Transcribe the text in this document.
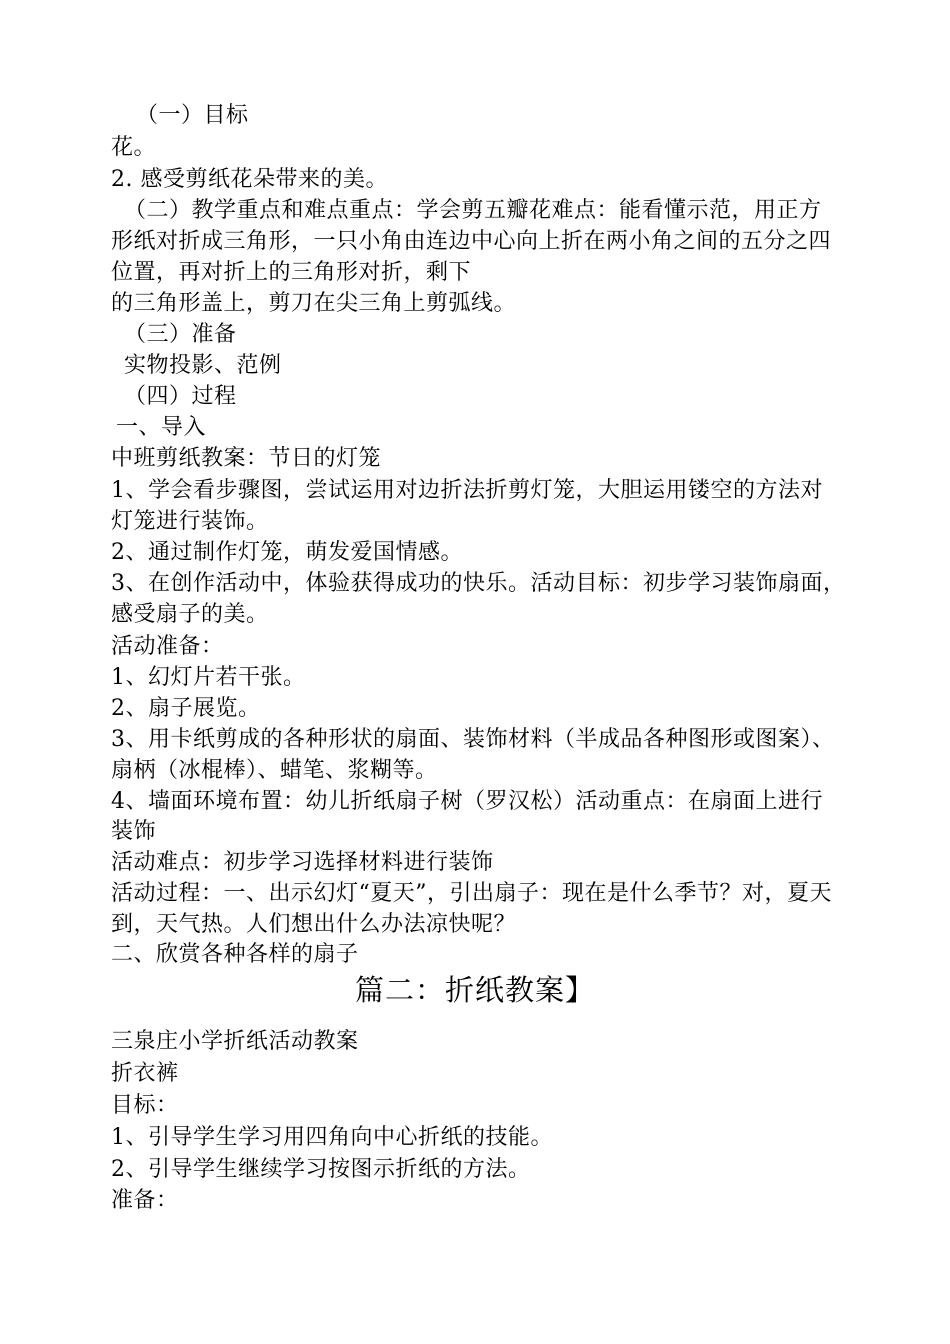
（一）目标
花。
2. 感受剪纸花朵带来的美。
（二）教学重点和难点重点：学会剪五瓣花难点：能看懂示范，用正方
形纸对折成三角形，一只小角由连边中心向上折在两小角之间的五分之四
位置，再对折上的三角形对折，剩下
的三角形盖上，剪刀在尖三角上剪弧线。
（三）准备
实物投影、范例
（四）过程
一、导入
中班剪纸教案：节日的灯笼
1、学会看步骤图，尝试运用对边折法折剪灯笼，大胆运用镂空的方法对
灯笼进行装饰。
2、通过制作灯笼，萌发爱国情感。
3、在创作活动中，体验获得成功的快乐。活动目标：初步学习装饰扇面，
感受扇子的美。
活动准备：
1、幻灯片若干张。
2、扇子展览。
3、用卡纸剪成的各种形状的扇面、装饰材料（半成品各种图形或图案）、
扇柄（冰棍棒）、蜡笔、浆糊等。
4、墙面环境布置：幼儿折纸扇子树（罗汉松）活动重点：在扇面上进行
装饰
活动难点：初步学习选择材料进行装饰
活动过程：一、出示幻灯“夏天”，引出扇子：现在是什么季节？对，夏天
到，天气热。人们想出什么办法凉快呢？
二、欣赏各种各样的扇子
篇二：折纸教案】
三泉庄小学折纸活动教案
折衣裤
目标：
1、引导学生学习用四角向中心折纸的技能。
2、引导学生继续学习按图示折纸的方法。
准备：
